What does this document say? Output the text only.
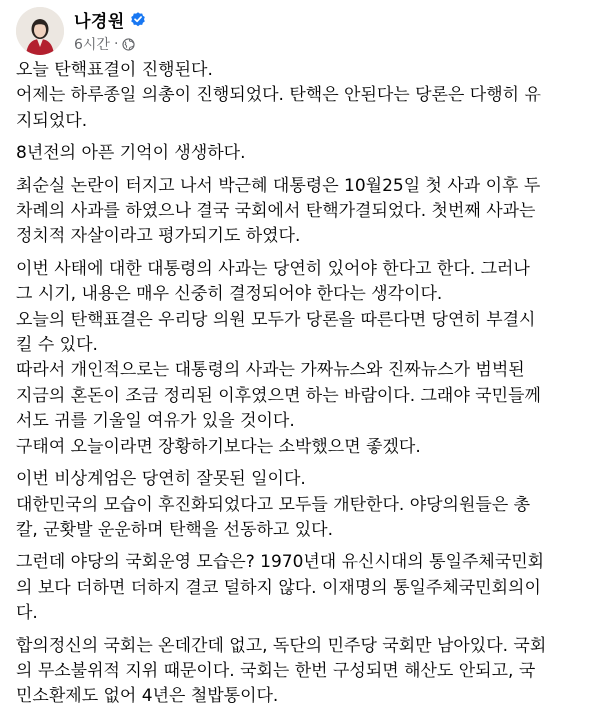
나경원
6시간 ·
오늘 탄핵표결이 진행된다.
어제는 하루종일 의총이 진행되었다. 탄핵은 안된다는 당론은 다행히 유
지되었다.
8년전의 아픈 기억이 생생하다.
최순실 논란이 터지고 나서 박근혜 대통령은 10월25일 첫 사과 이후 두
차례의 사과를 하였으나 결국 국회에서 탄핵가결되었다. 첫번째 사과는
정치적 자살이라고 평가되기도 하였다.
이번 사태에 대한 대통령의 사과는 당연히 있어야 한다고 한다. 그러나
그 시기, 내용은 매우 신중히 결정되어야 한다는 생각이다.
오늘의 탄핵표결은 우리당 의원 모두가 당론을 따른다면 당연히 부결시
킬 수 있다.
따라서 개인적으로는 대통령의 사과는 가짜뉴스와 진짜뉴스가 범벅된
지금의 혼돈이 조금 정리된 이후였으면 하는 바람이다. 그래야 국민들께
서도 귀를 기울일 여유가 있을 것이다.
구태여 오늘이라면 장황하기보다는 소박했으면 좋겠다.
이번 비상계엄은 당연히 잘못된 일이다.
대한민국의 모습이 후진화되었다고 모두들 개탄한다. 야당의원들은 총
칼, 군홧발 운운하며 탄핵을 선동하고 있다.
그런데 야당의 국회운영 모습은? 1970년대 유신시대의 통일주체국민회
의 보다 더하면 더하지 결코 덜하지 않다. 이재명의 통일주체국민회의이
다.
합의정신의 국회는 온데간데 없고, 독단의 민주당 국회만 남아있다. 국회
의 무소불위적 지위 때문이다. 국회는 한번 구성되면 해산도 안되고, 국
민소환제도 없어 4년은 철밥통이다.
